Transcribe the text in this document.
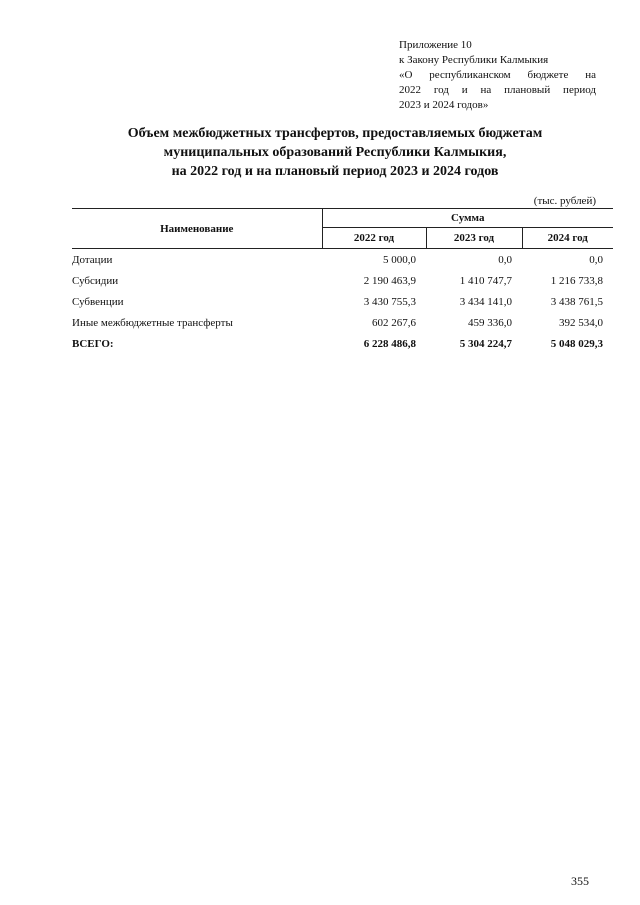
Приложение 10
к Закону Республики Калмыкия
«О республиканском бюджете на
2022 год и на плановый период
2023 и 2024 годов»
Объем межбюджетных трансфертов, предоставляемых бюджетам
муниципальных образований Республики Калмыкия,
на 2022 год и на плановый период 2023 и 2024 годов
(тыс. рублей)
Наименование	Сумма		
	2022 год	2023 год	2024 год
Дотации	5 000,0	0,0	0,0
Субсидии	2 190 463,9	1 410 747,7	1 216 733,8
Субвенции	3 430 755,3	3 434 141,0	3 438 761,5
Иные межбюджетные трансферты	602 267,6	459 336,0	392 534,0
ВСЕГО:	6 228 486,8	5 304 224,7	5 048 029,3
355
